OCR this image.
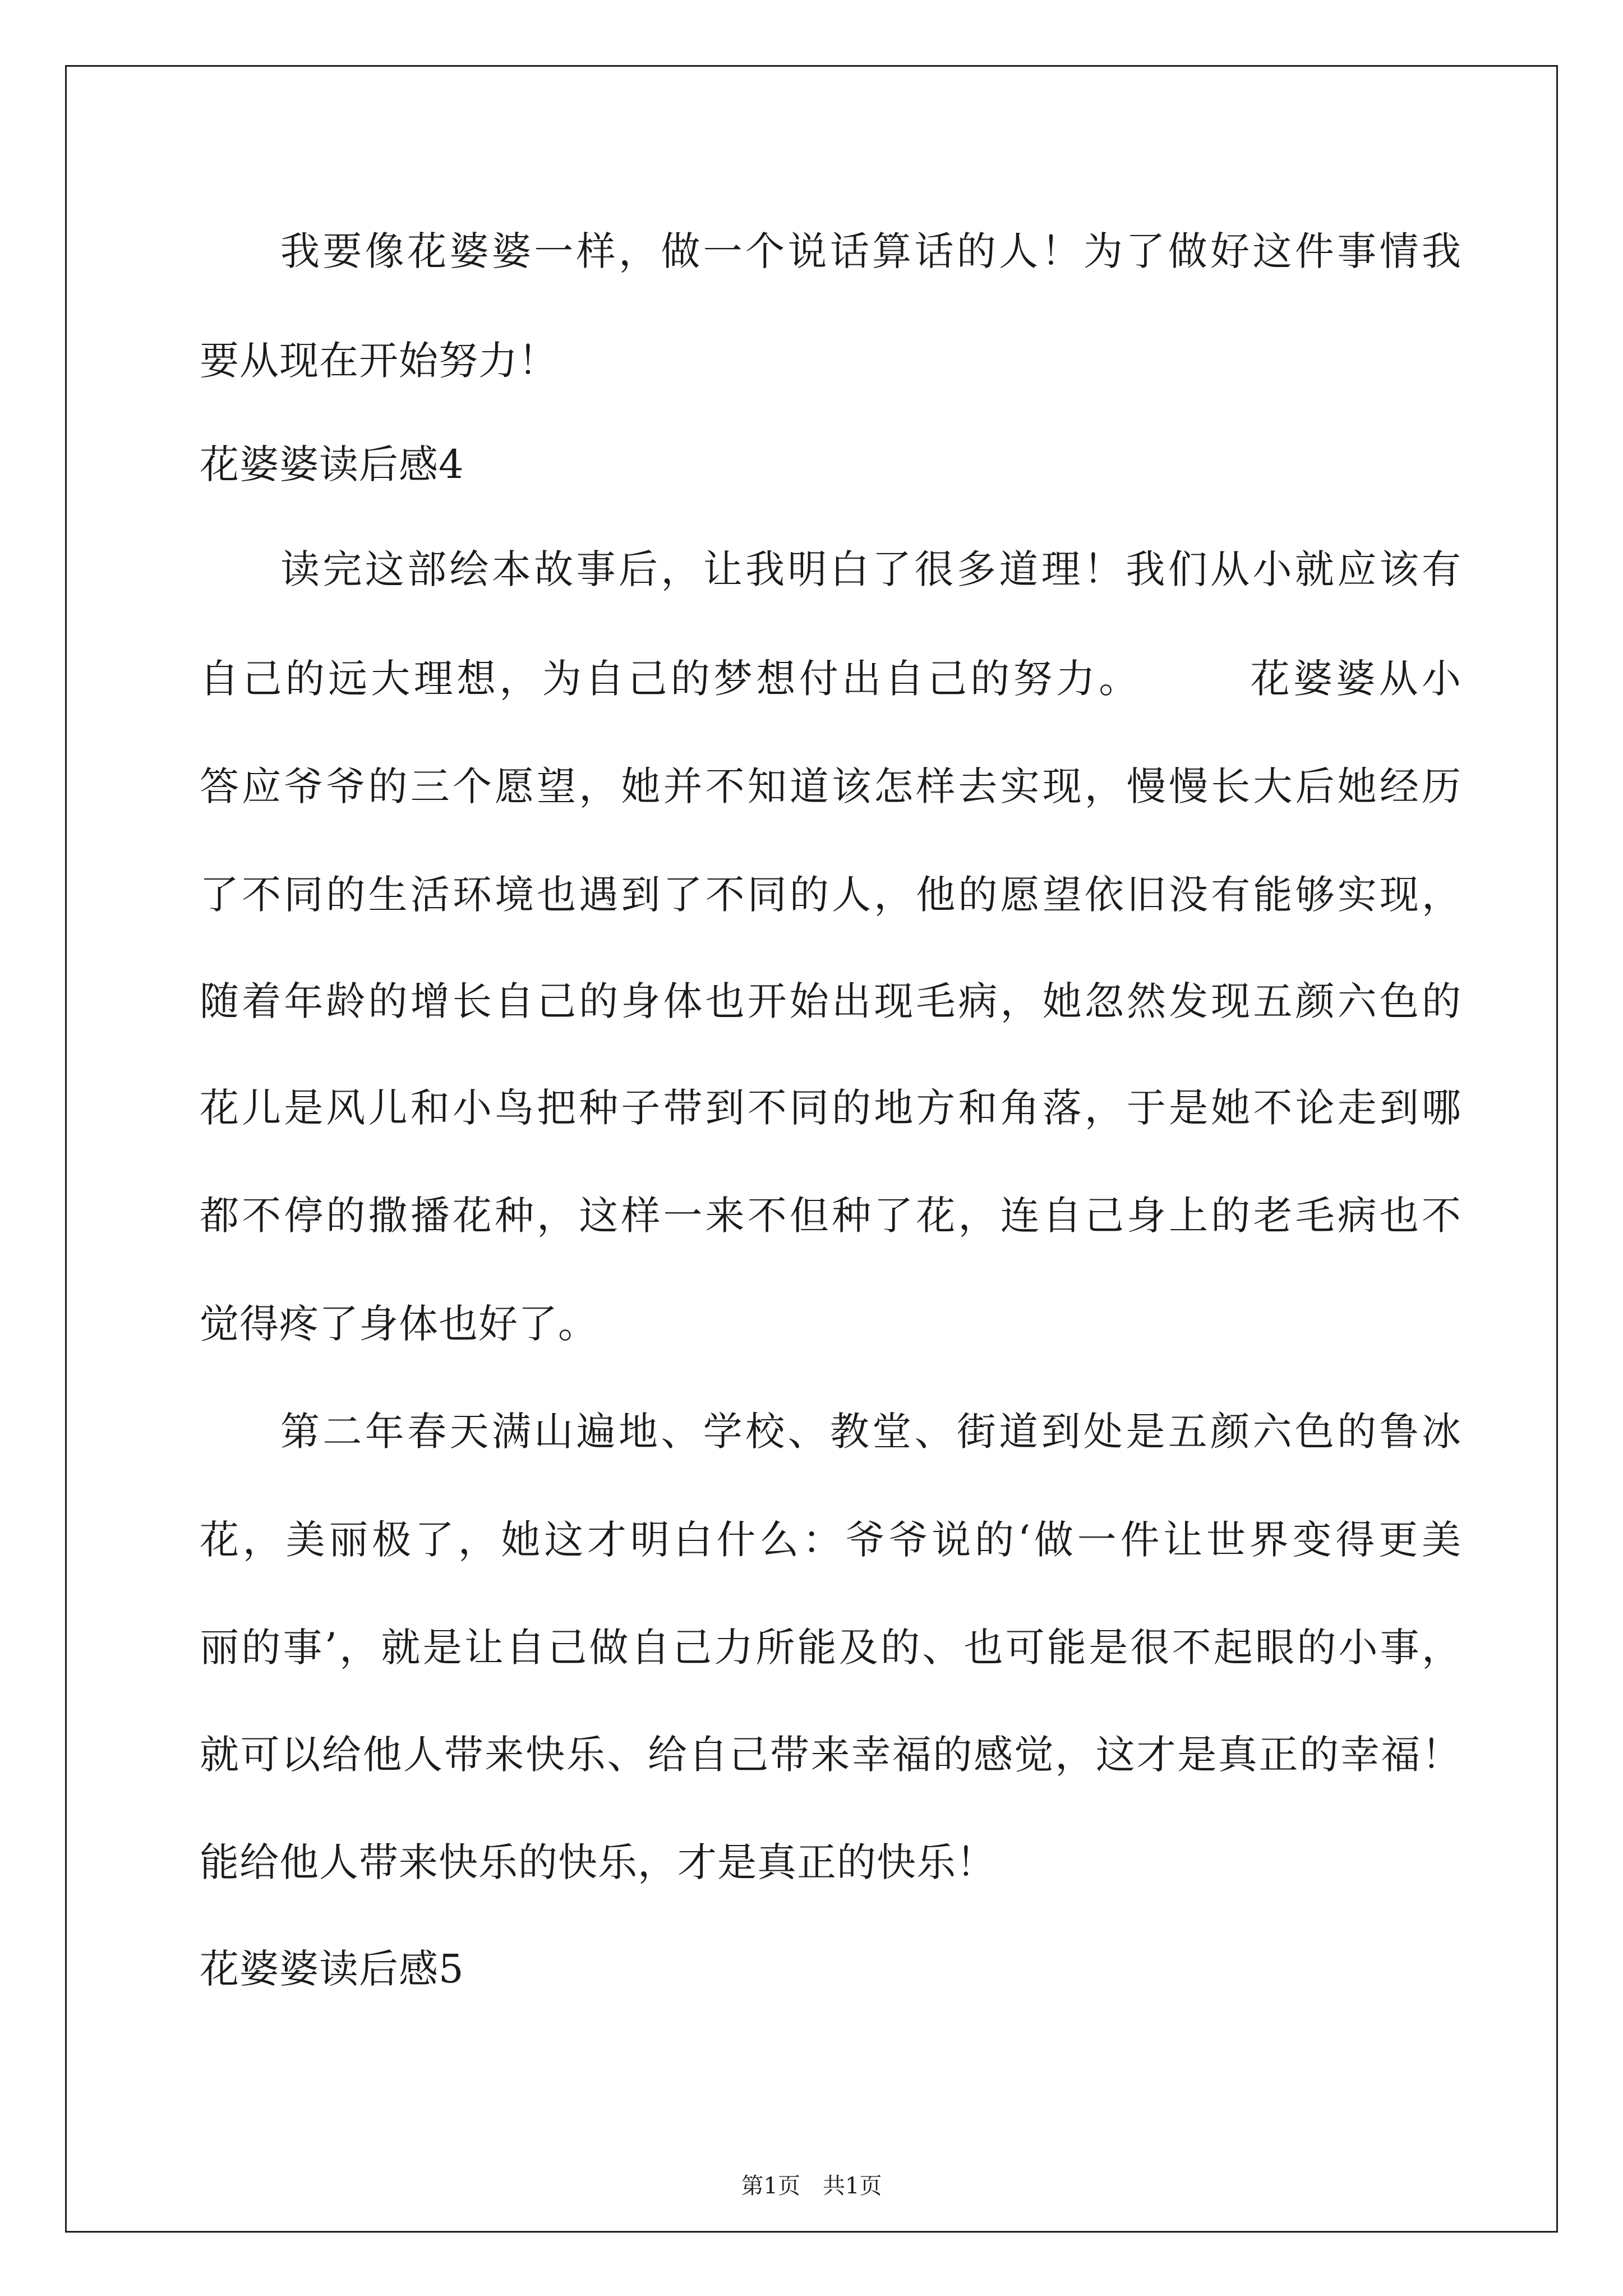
我要像花婆婆一样，做一个说话算话的人！为了做好这件事情我
要从现在开始努力！
花婆婆读后感4
读完这部绘本故事后，让我明白了很多道理！我们从小就应该有
自己的远大理想，为自己的梦想付出自己的努力。　　　花婆婆从小
答应爷爷的三个愿望，她并不知道该怎样去实现，慢慢长大后她经历
了不同的生活环境也遇到了不同的人，他的愿望依旧没有能够实现，
随着年龄的增长自己的身体也开始出现毛病，她忽然发现五颜六色的
花儿是风儿和小鸟把种子带到不同的地方和角落，于是她不论走到哪
都不停的撒播花种，这样一来不但种了花，连自己身上的老毛病也不
觉得疼了身体也好了。
第二年春天满山遍地、学校、教堂、街道到处是五颜六色的鲁冰
花，美丽极了，她这才明白什么：爷爷说的‘做一件让世界变得更美
丽的事’，就是让自己做自己力所能及的、也可能是很不起眼的小事，
就可以给他人带来快乐、给自己带来幸福的感觉，这才是真正的幸福！
能给他人带来快乐的快乐，才是真正的快乐！
花婆婆读后感5
第1页　共1页
